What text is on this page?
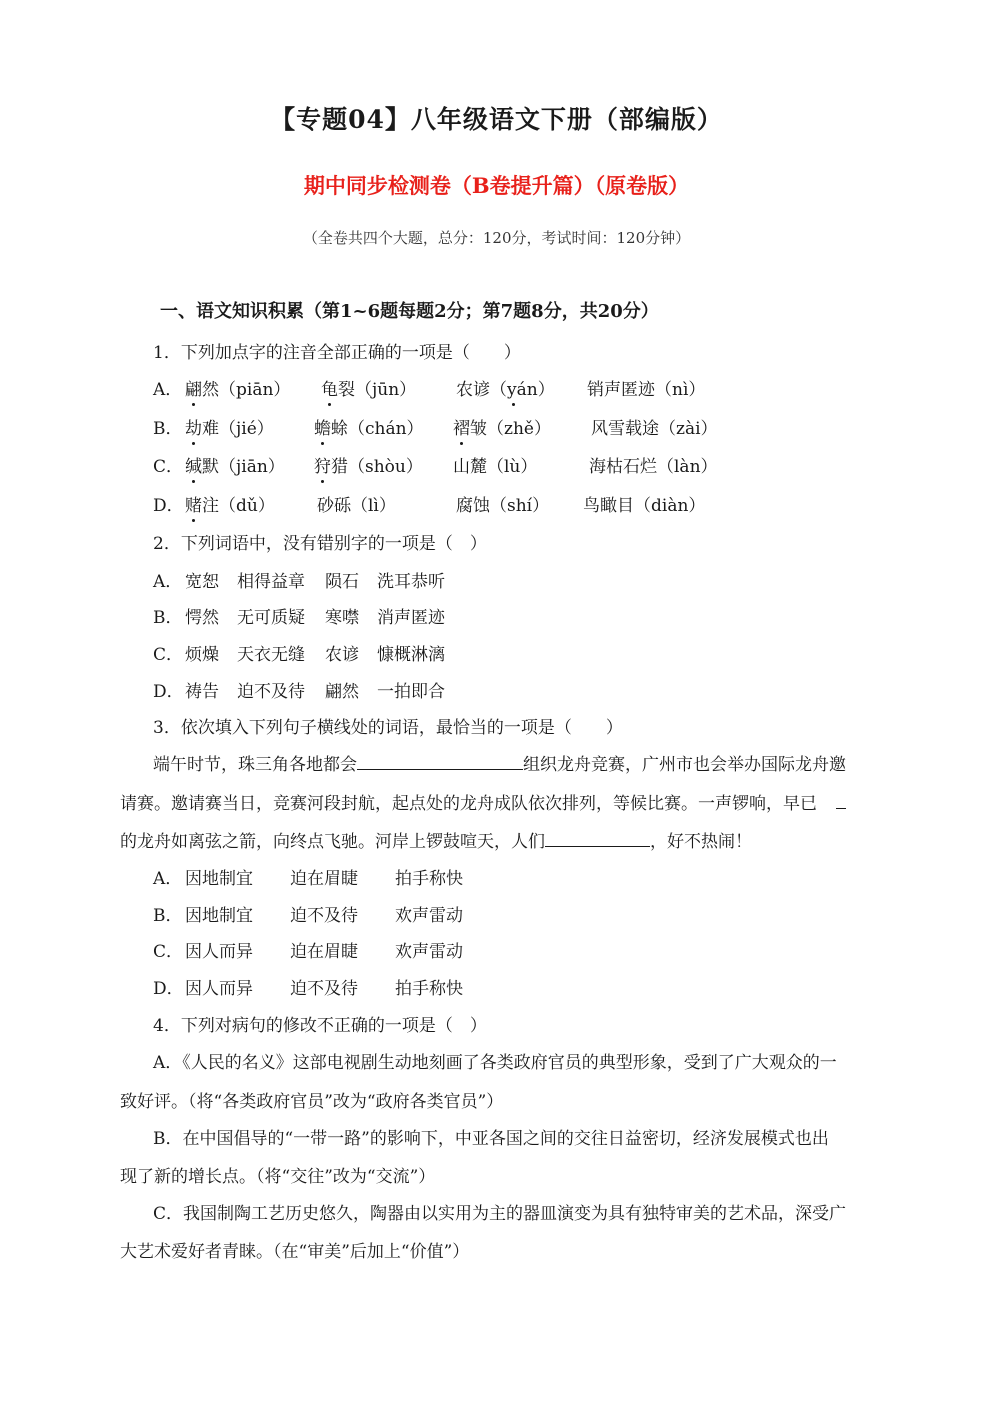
【专题04】八年级语文下册（部编版）
期中同步检测卷（B卷提升篇）（原卷版）
（全卷共四个大题，总分：120分，考试时间：120分钟）
一、语文知识积累（第1~6题每题2分；第7题8分，共20分）
1．下列加点字的注音全部正确的一项是（　　）
A． 翩然（piān） 龟裂（jūn） 农谚（yán） 销声匿迹（nì）
B． 劫难（jié） 蟾蜍（chán） 褶皱（zhě） 风雪载途（zài）
C． 缄默（jiān） 狩猎（shòu） 山麓（lù）	海枯石烂（làn）
D． 赌注（dǔ） 砂砾（lì）	腐蚀（shí） 鸟瞰目（diàn）
2．下列词语中，没有错别字的一项是（　）
A． 宽恕 相得益章 陨石 洗耳恭听
B． 愕然 无可质疑 寒噤 消声匿迹
C． 烦燥 天衣无缝 农谚 慷概淋漓
D． 祷告 迫不及待 翩然 一拍即合
3．依次填入下列句子横线处的词语，最恰当的一项是（　　）
端午时节，珠三角各地都会	组织龙舟竞赛，广州市也会举办国际龙舟邀
请赛。邀请赛当日，竞赛河段封航，起点处的龙舟成队依次排列，等候比赛。一声锣响，早已
的龙舟如离弦之箭，向终点飞驰。河岸上锣鼓喧天，人们	，好不热闹！
A． 因地制宜 迫在眉睫 拍手称快
B． 因地制宜 迫不及待 欢声雷动
C． 因人而异 迫在眉睫 欢声雷动
D． 因人而异 迫不及待 拍手称快
4．下列对病句的修改不正确的一项是（　）
A．《人民的名义》这部电视剧生动地刻画了各类政府官员的典型形象，受到了广大观众的一
致好评。（将“各类政府官员”改为“政府各类官员”）
B．在中国倡导的“一带一路”的影响下，中亚各国之间的交往日益密切，经济发展模式也出
现了新的增长点。（将“交往”改为“交流”）
C．我国制陶工艺历史悠久，陶器由以实用为主的器皿演变为具有独特审美的艺术品，深受广
大艺术爱好者青睐。（在“审美”后加上“价值”）
